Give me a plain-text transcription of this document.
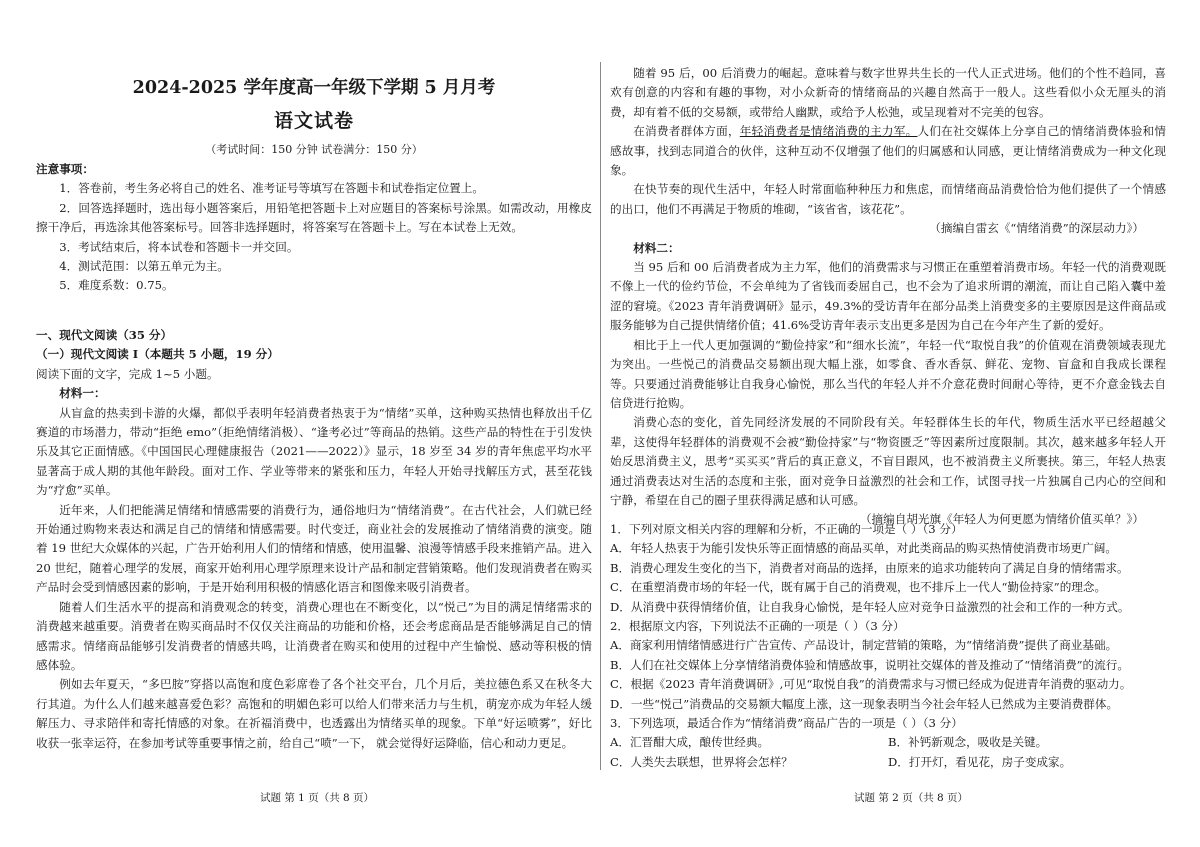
2024-2025 学年度高一年级下学期 5 月月考
语文试卷
（考试时间：150 分钟 试卷满分：150 分）
注意事项：

1．答卷前，考生务必将自己的姓名、准考证号等填写在答题卡和试卷指定位置上。

2．回答选择题时，选出每小题答案后，用铅笔把答题卡上对应题目的答案标号涂黑。如需改动，用橡皮擦干净后，再选涂其他答案标号。回答非选择题时，将答案写在答题卡上。写在本试卷上无效。

3．考试结束后，将本试卷和答题卡一并交回。

4．测试范围：以第五单元为主。

5．难度系数：0.75。

一、现代文阅读（35 分）

（一）现代文阅读 I（本题共 5 小题，19 分）

阅读下面的文字，完成 1~5 小题。

材料一：

从盲盒的热卖到卡游的火爆，都似乎表明年轻消费者热衷于为“情绪”买单，这种购买热情也释放出千亿赛道的市场潜力，带动“拒绝 emo”（拒绝情绪消极）、“逢考必过”等商品的热销。这些产品的特性在于引发快乐及其它正面情感。《中国国民心理健康报告（2021——2022）》显示，18 岁至 34 岁的青年焦虑平均水平显著高于成人期的其他年龄段。面对工作、学业等带来的紧张和压力，年轻人开始寻找解压方式，甚至花钱为“疗愈”买单。

近年来，人们把能满足情绪和情感需要的消费行为，通俗地归为“情绪消费”。在古代社会，人们就已经开始通过购物来表达和满足自己的情绪和情感需要。时代变迁，商业社会的发展推动了情绪消费的演变。随着 19 世纪大众媒体的兴起，广告开始利用人们的情绪和情感，使用温馨、浪漫等情感手段来推销产品。进入 20 世纪，随着心理学的发展，商家开始利用心理学原理来设计产品和制定营销策略。他们发现消费者在购买产品时会受到情感因素的影响，于是开始利用积极的情感化语言和图像来吸引消费者。

随着人们生活水平的提高和消费观念的转变，消费心理也在不断变化，以“悦己”为目的满足情绪需求的消费越来越重要。消费者在购买商品时不仅仅关注商品的功能和价格，还会考虑商品是否能够满足自己的情感需求。情绪商品能够引发消费者的情感共鸣，让消费者在购买和使用的过程中产生愉悦、感动等积极的情感体验。

例如去年夏天，“多巴胺”穿搭以高饱和度色彩席卷了各个社交平台，几个月后，美拉德色系又在秋冬大行其道。为什么人们越来越喜爱色彩？高饱和的明媚色彩可以给人们带来活力与生机，萌宠亦成为年轻人缓解压力、寻求陪伴和寄托情感的对象。在祈福消费中，也透露出为情绪买单的现象。下单“好运喷雾”，好比收获一张幸运符，在参加考试等重要事情之前，给自己“喷”一下， 就会觉得好运降临，信心和动力更足。

试题 第 1 页（共 8 页）

随着 95 后，00 后消费力的崛起。意味着与数字世界共生长的一代人正式进场。他们的个性不趋同，喜欢有创意的内容和有趣的事物，对小众新奇的情绪商品的兴趣自然高于一般人。这些看似小众无厘头的消费，却有着不低的交易额，或带给人幽默，或给予人松弛，或呈现着对不完美的包容。

在消费者群体方面，年轻消费者是情绪消费的主力军。人们在社交媒体上分享自己的情绪消费体验和情感故事，找到志同道合的伙伴，这种互动不仅增强了他们的归属感和认同感，更让情绪消费成为一种文化现象。

在快节奏的现代生活中，年轻人时常面临种种压力和焦虑，而情绪商品消费恰恰为他们提供了一个情感的出口，他们不再满足于物质的堆砌，“该省省，该花花”。

（摘编自雷玄《“情绪消费”的深层动力》）

材料二：

当 95 后和 00 后消费者成为主力军，他们的消费需求与习惯正在重塑着消费市场。年轻一代的消费观既不像上一代的俭约节俭，不会单纯为了省钱而委屈自己，也不会为了追求所谓的潮流，而让自己陷入囊中羞涩的窘境。《2023 青年消费调研》显示，49.3%的受访青年在部分品类上消费变多的主要原因是这件商品或服务能够为自己提供情绪价值；41.6%受访青年表示支出更多是因为自己在今年产生了新的爱好。

相比于上一代人更加强调的“勤俭持家”和“细水长流”，年轻一代“取悦自我”的价值观在消费领域表现尤为突出。一些悦己的消费品交易额出现大幅上涨，如零食、香水香氛、鲜花、宠物、盲盒和自我成长课程等。只要通过消费能够让自我身心愉悦，那么当代的年轻人并不介意花费时间耐心等待，更不介意金钱去自信贷进行抢购。

消费心态的变化，首先同经济发展的不同阶段有关。年轻群体生长的年代，物质生活水平已经超越父辈，这使得年轻群体的消费观不会被“勤俭持家”与“物资匮乏”等因素所过度限制。其次，越来越多年轻人开始反思消费主义，思考“买买买”背后的真正意义，不盲目跟风，也不被消费主义所裹挟。第三，年轻人热衷通过消费表达对生活的态度和主张，面对竞争日益激烈的社会和工作，试图寻找一片独属自己内心的空间和宁静，希望在自己的圈子里获得满足感和认可感。

（摘编自胡光旗《年轻人为何更愿为情绪价值买单？》）

1．下列对原文相关内容的理解和分析，不正确的一项是（ ）（3 分）

A．年轻人热衷于为能引发快乐等正面情感的商品买单，对此类商品的购买热情使消费市场更广阔。

B．消费心理发生变化的当下，消费者对商品的选择，由原来的追求功能转向了满足自身的情绪需求。

C．在重塑消费市场的年轻一代，既有属于自己的消费观，也不排斥上一代人“勤俭持家”的理念。

D．从消费中获得情绪价值，让自我身心愉悦，是年轻人应对竞争日益激烈的社会和工作的一种方式。

2．根据原文内容，下列说法不正确的一项是（ ）（3 分）

A．商家利用情绪情感进行广告宣传、产品设计，制定营销的策略，为“情绪消费”提供了商业基础。

B．人们在社交媒体上分享情绪消费体验和情感故事，说明社交媒体的普及推动了“情绪消费”的流行。

C．根据《2023 青年消费调研》,可见“取悦自我”的消费需求与习惯已经成为促进青年消费的驱动力。

D．一些“悦己”消费品的交易额大幅度上涨，这一现象表明当今社会年轻人已然成为主要消费群体。

3．下列选项，最适合作为“情绪消费”商品广告的一项是（ ）（3 分）

A．汇晋酣大成，酿传世经典。	B．补钙新观念，吸收是关键。
C．人类失去联想，世界将会怎样？	D．打开灯，看见花，房子变成家。
试题 第 2 页（共 8 页）
